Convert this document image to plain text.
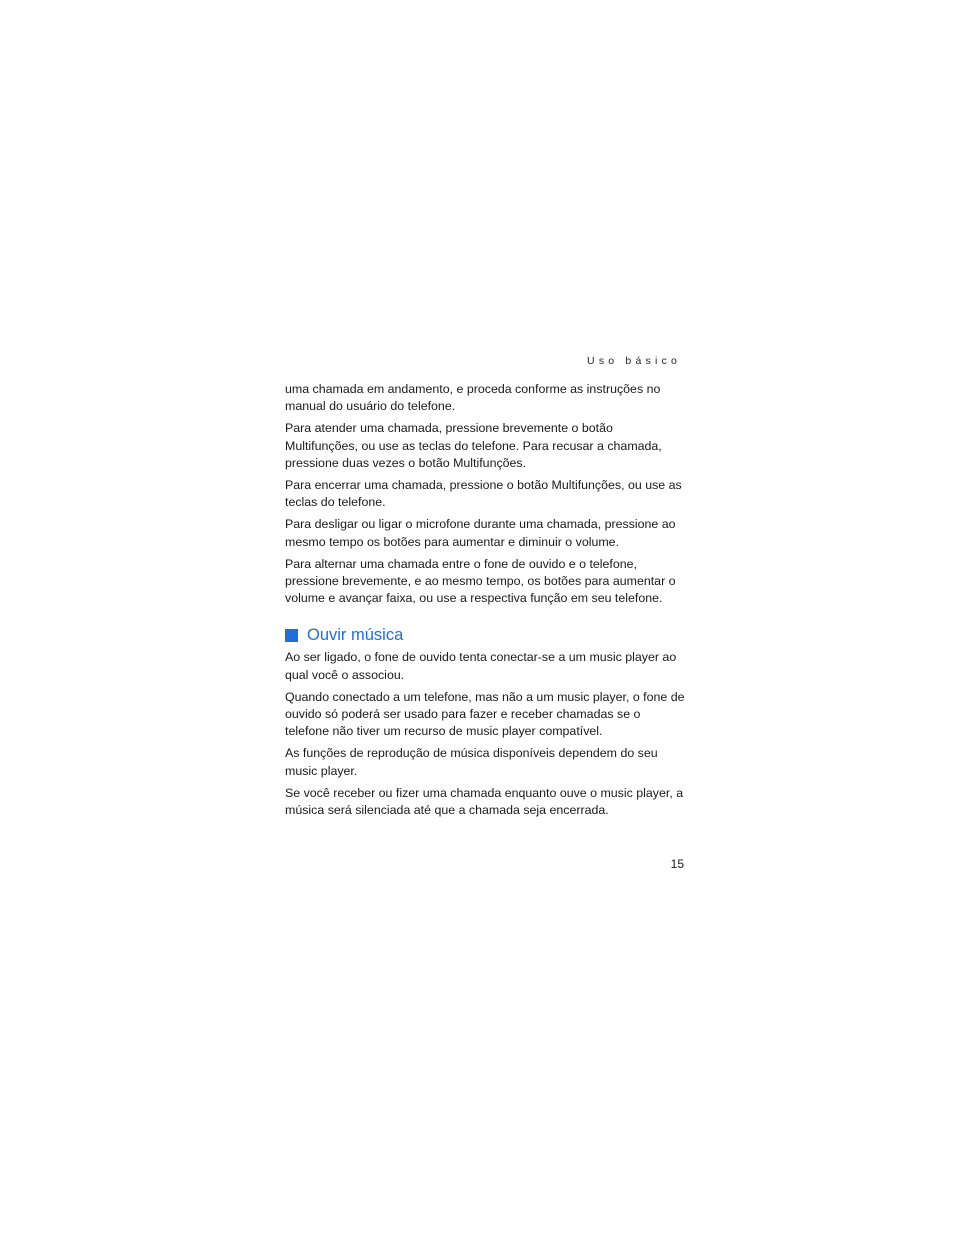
Uso básico

uma chamada em andamento, e proceda conforme as instruções no manual do usuário do telefone.

Para atender uma chamada, pressione brevemente o botão Multifunções, ou use as teclas do telefone. Para recusar a chamada, pressione duas vezes o botão Multifunções.

Para encerrar uma chamada, pressione o botão Multifunções, ou use as teclas do telefone.

Para desligar ou ligar o microfone durante uma chamada, pressione ao mesmo tempo os botões para aumentar e diminuir o volume.

Para alternar uma chamada entre o fone de ouvido e o telefone, pressione brevemente, e ao mesmo tempo, os botões para aumentar o volume e avançar faixa, ou use a respectiva função em seu telefone.

Ouvir música

Ao ser ligado, o fone de ouvido tenta conectar-se a um music player ao qual você o associou.

Quando conectado a um telefone, mas não a um music player, o fone de ouvido só poderá ser usado para fazer e receber chamadas se o telefone não tiver um recurso de music player compatível.

As funções de reprodução de música disponíveis dependem do seu music player.

Se você receber ou fizer uma chamada enquanto ouve o music player, a música será silenciada até que a chamada seja encerrada.

15
